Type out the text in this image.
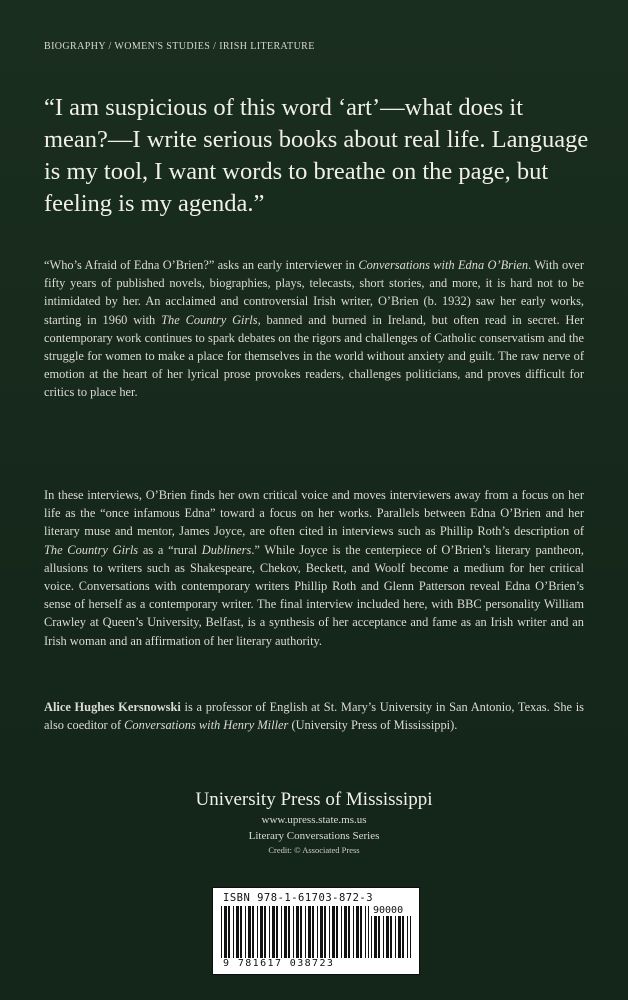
BIOGRAPHY / WOMEN'S STUDIES / IRISH LITERATURE

“I am suspicious of this word ‘art’—what does it mean?—I write serious books about real life. Language is my tool, I want words to breathe on the page, but feeling is my agenda.”

“Who’s Afraid of Edna O’Brien?” asks an early interviewer in Conversations with Edna O’Brien. With over fifty years of published novels, biographies, plays, telecasts, short stories, and more, it is hard not to be intimidated by her. An acclaimed and controversial Irish writer, O’Brien (b. 1932) saw her early works, starting in 1960 with The Country Girls, banned and burned in Ireland, but often read in secret. Her contemporary work continues to spark debates on the rigors and challenges of Catholic conservatism and the struggle for women to make a place for themselves in the world without anxiety and guilt. The raw nerve of emotion at the heart of her lyrical prose provokes readers, challenges politicians, and proves difficult for critics to place her.

In these interviews, O’Brien finds her own critical voice and moves interviewers away from a focus on her life as the “once infamous Edna” toward a focus on her works. Parallels between Edna O’Brien and her literary muse and mentor, James Joyce, are often cited in interviews such as Phillip Roth’s description of The Country Girls as a “rural Dubliners.” While Joyce is the centerpiece of O’Brien’s literary pantheon, allusions to writers such as Shakespeare, Chekov, Beckett, and Woolf become a medium for her critical voice. Conversations with contemporary writers Phillip Roth and Glenn Patterson reveal Edna O’Brien’s sense of herself as a contemporary writer. The final interview included here, with BBC personality William Crawley at Queen’s University, Belfast, is a synthesis of her acceptance and fame as an Irish writer and an Irish woman and an affirmation of her literary authority.

Alice Hughes Kersnowski is a professor of English at St. Mary’s University in San Antonio, Texas. She is also coeditor of Conversations with Henry Miller (University Press of Mississippi).

University Press of Mississippi
www.upress.state.ms.us
Literary Conversations Series
Credit: © Associated Press
ISBN 978-1-61703-872-3
90000
9 781617 038723
